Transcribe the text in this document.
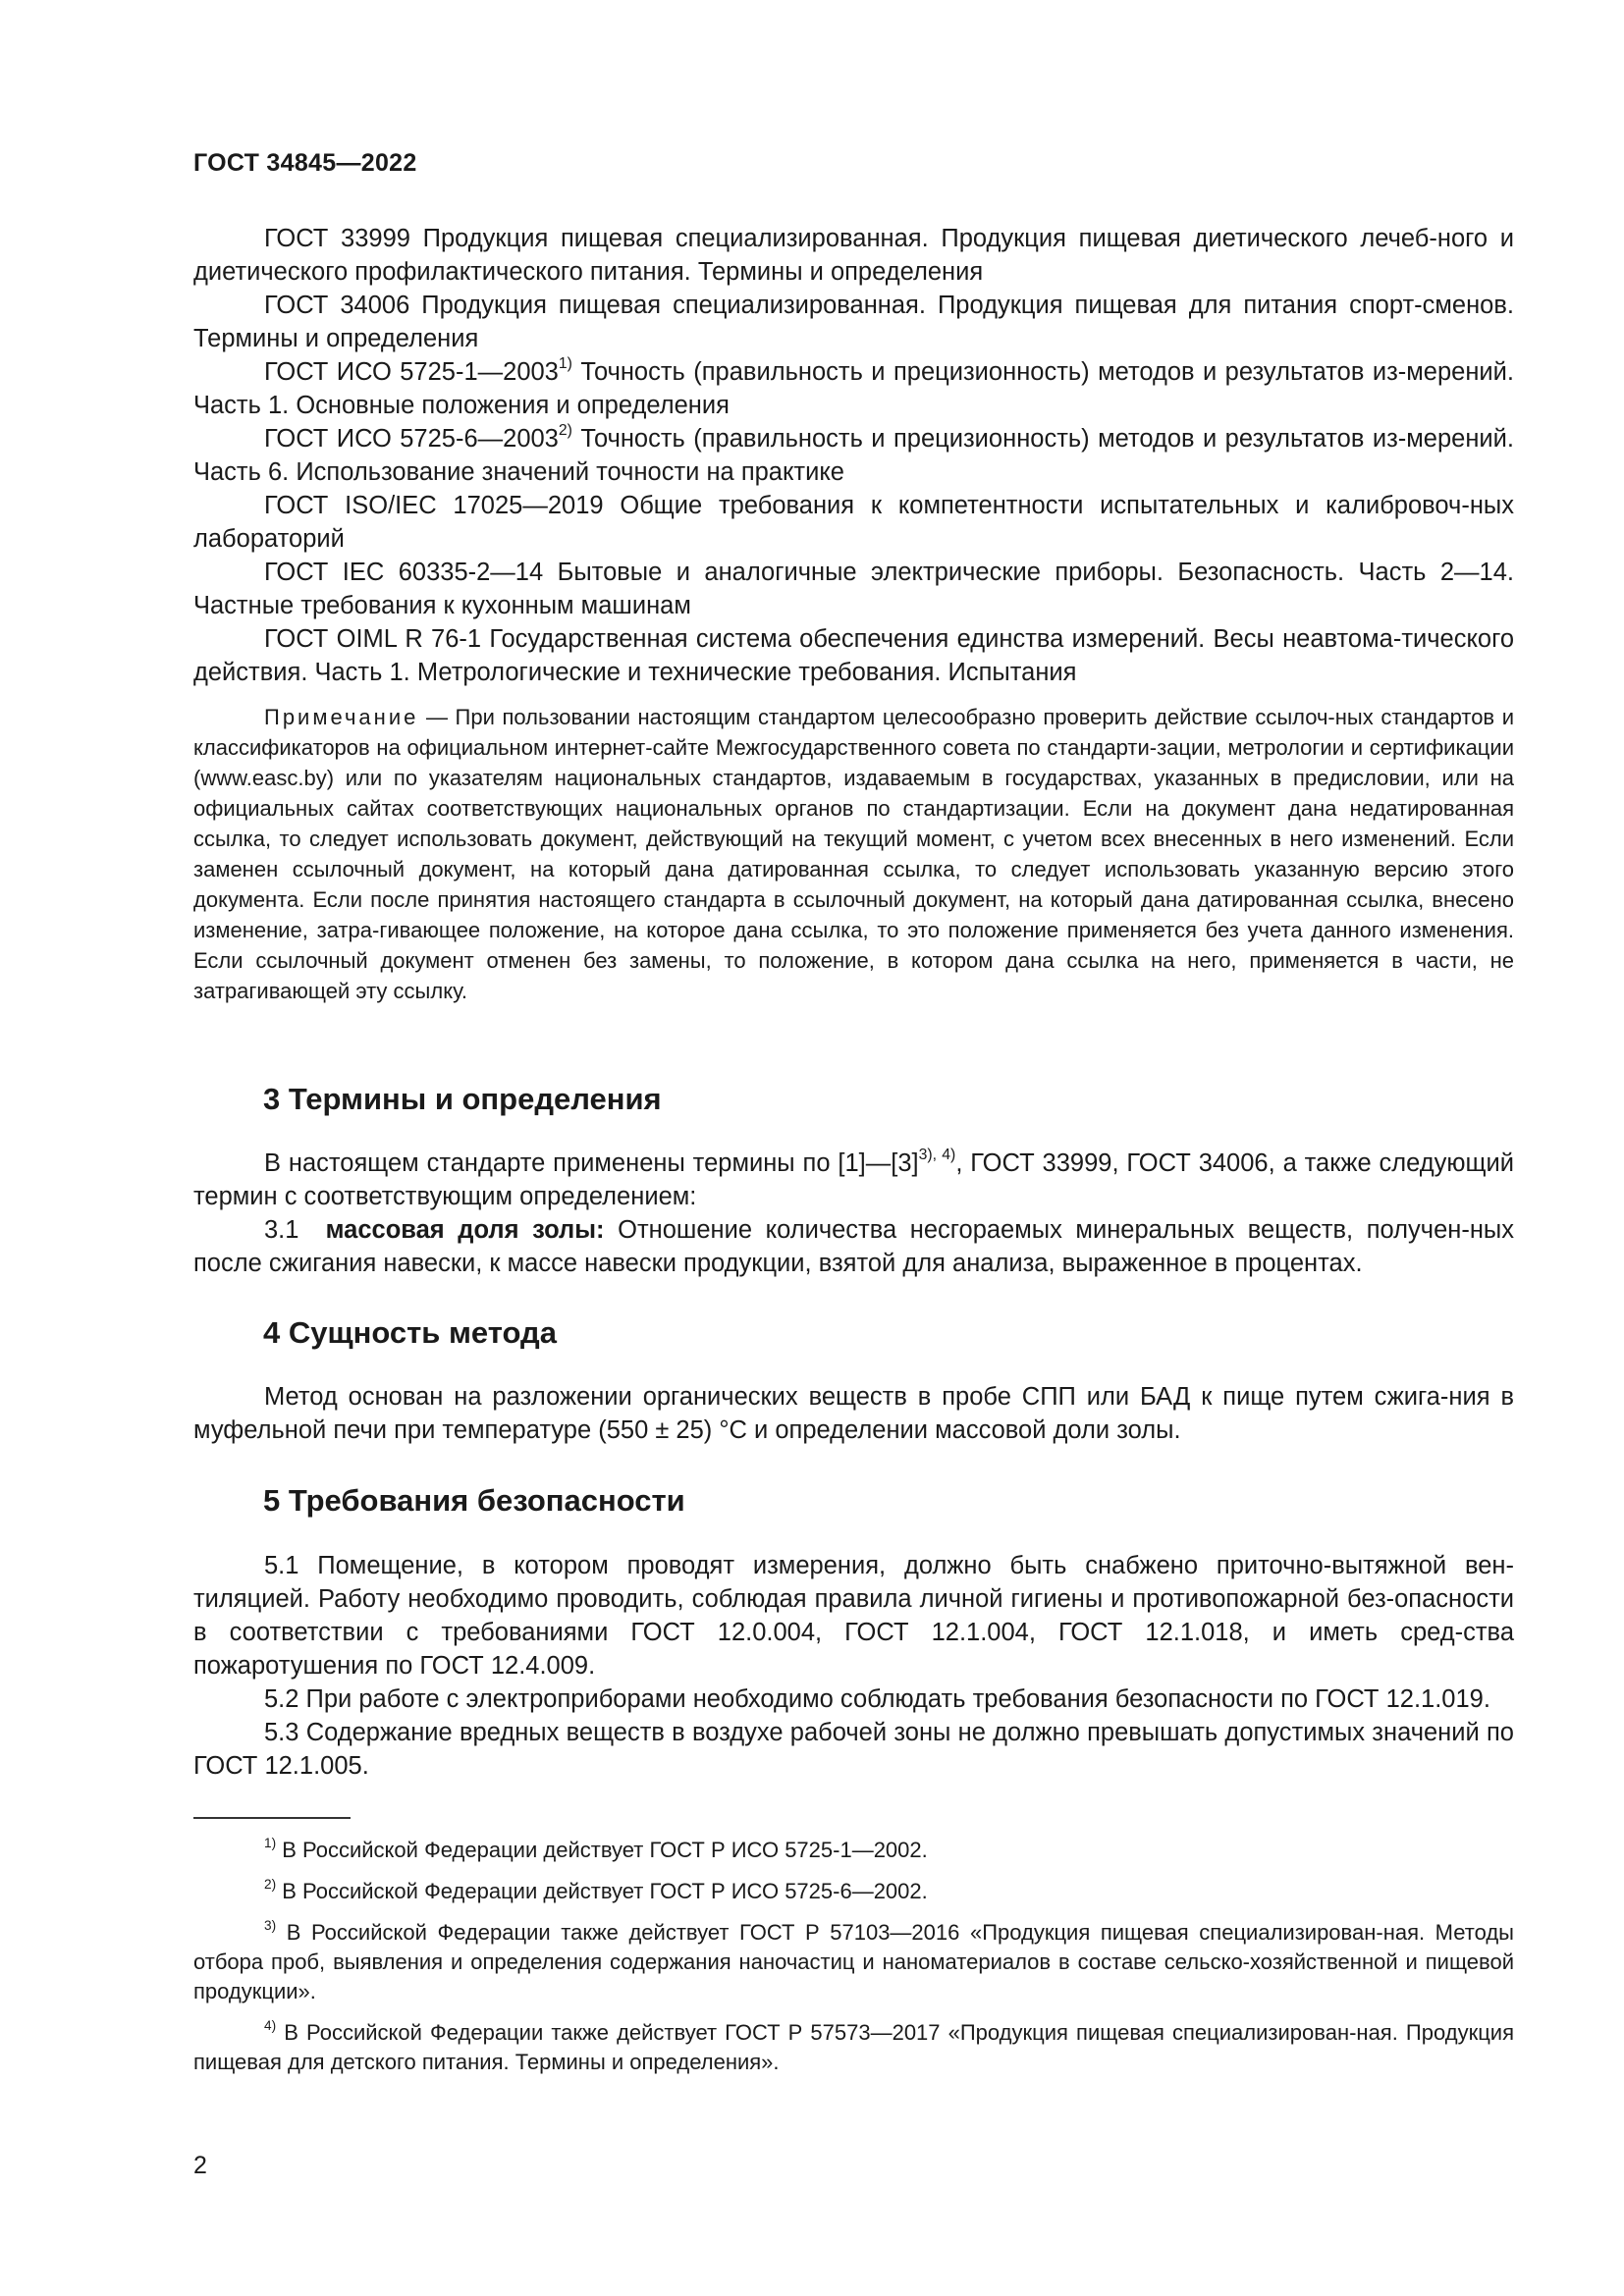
ГОСТ 34845—2022

ГОСТ 33999 Продукция пищевая специализированная. Продукция пищевая диетического лечеб-ного и диетического профилактического питания. Термины и определения

ГОСТ 34006 Продукция пищевая специализированная. Продукция пищевая для питания спорт-сменов. Термины и определения

ГОСТ ИСО 5725-1—2003$^{1)}$ Точность (правильность и прецизионность) методов и результатов из-мерений. Часть 1. Основные положения и определения

ГОСТ ИСО 5725-6—2003$^{2)}$ Точность (правильность и прецизионность) методов и результатов из-мерений. Часть 6. Использование значений точности на практике

ГОСТ ISO/IEC 17025—2019 Общие требования к компетентности испытательных и калибровоч-ных лабораторий

ГОСТ IEC 60335-2—14 Бытовые и аналогичные электрические приборы. Безопасность. Часть 2—14. Частные требования к кухонным машинам

ГОСТ OIML R 76-1 Государственная система обеспечения единства измерений. Весы неавтома-тического действия. Часть 1. Метрологические и технические требования. Испытания

Примечание — При пользовании настоящим стандартом целесообразно проверить действие ссылоч-ных стандартов и классификаторов на официальном интернет-сайте Межгосударственного совета по стандарти-зации, метрологии и сертификации (www.easc.by) или по указателям национальных стандартов, издаваемым в государствах, указанных в предисловии, или на официальных сайтах соответствующих национальных органов по стандартизации. Если на документ дана недатированная ссылка, то следует использовать документ, действующий на текущий момент, с учетом всех внесенных в него изменений. Если заменен ссылочный документ, на который дана датированная ссылка, то следует использовать указанную версию этого документа. Если после принятия настоящего стандарта в ссылочный документ, на который дана датированная ссылка, внесено изменение, затра-гивающее положение, на которое дана ссылка, то это положение применяется без учета данного изменения. Если ссылочный документ отменен без замены, то положение, в котором дана ссылка на него, применяется в части, не затрагивающей эту ссылку.

3 Термины и определения

В настоящем стандарте применены термины по $[1]—[3]^{3), 4)}$, ГОСТ 33999, ГОСТ 34006, а также следующий термин с соответствующим определением:

3.1 массовая доля золы: Отношение количества несгораемых минеральных веществ, получен-ных после сжигания навески, к массе навески продукции, взятой для анализа, выраженное в процентах.

4 Сущность метода

Метод основан на разложении органических веществ в пробе СПП или БАД к пище путем сжига-ния в муфельной печи при температуре (550 ± 25) °С и определении массовой доли золы.

5 Требования безопасности

5.1 Помещение, в котором проводят измерения, должно быть снабжено приточно-вытяжной вен-тиляцией. Работу необходимо проводить, соблюдая правила личной гигиены и противопожарной без-опасности в соответствии с требованиями ГОСТ 12.0.004, ГОСТ 12.1.004, ГОСТ 12.1.018, и иметь сред-ства пожаротушения по ГОСТ 12.4.009.

5.2 При работе с электроприборами необходимо соблюдать требования безопасности по ГОСТ 12.1.019.

5.3 Содержание вредных веществ в воздухе рабочей зоны не должно превышать допустимых значений по ГОСТ 12.1.005.

$^{1)}$ В Российской Федерации действует ГОСТ Р ИСО 5725-1—2002.

$^{2)}$ В Российской Федерации действует ГОСТ Р ИСО 5725-6—2002.

$^{3)}$ В Российской Федерации также действует ГОСТ Р 57103—2016 «Продукция пищевая специализирован-ная. Методы отбора проб, выявления и определения содержания наночастиц и наноматериалов в составе сельско-хозяйственной и пищевой продукции».

$^{4)}$ В Российской Федерации также действует ГОСТ Р 57573—2017 «Продукция пищевая специализирован-ная. Продукция пищевая для детского питания. Термины и определения».

2
